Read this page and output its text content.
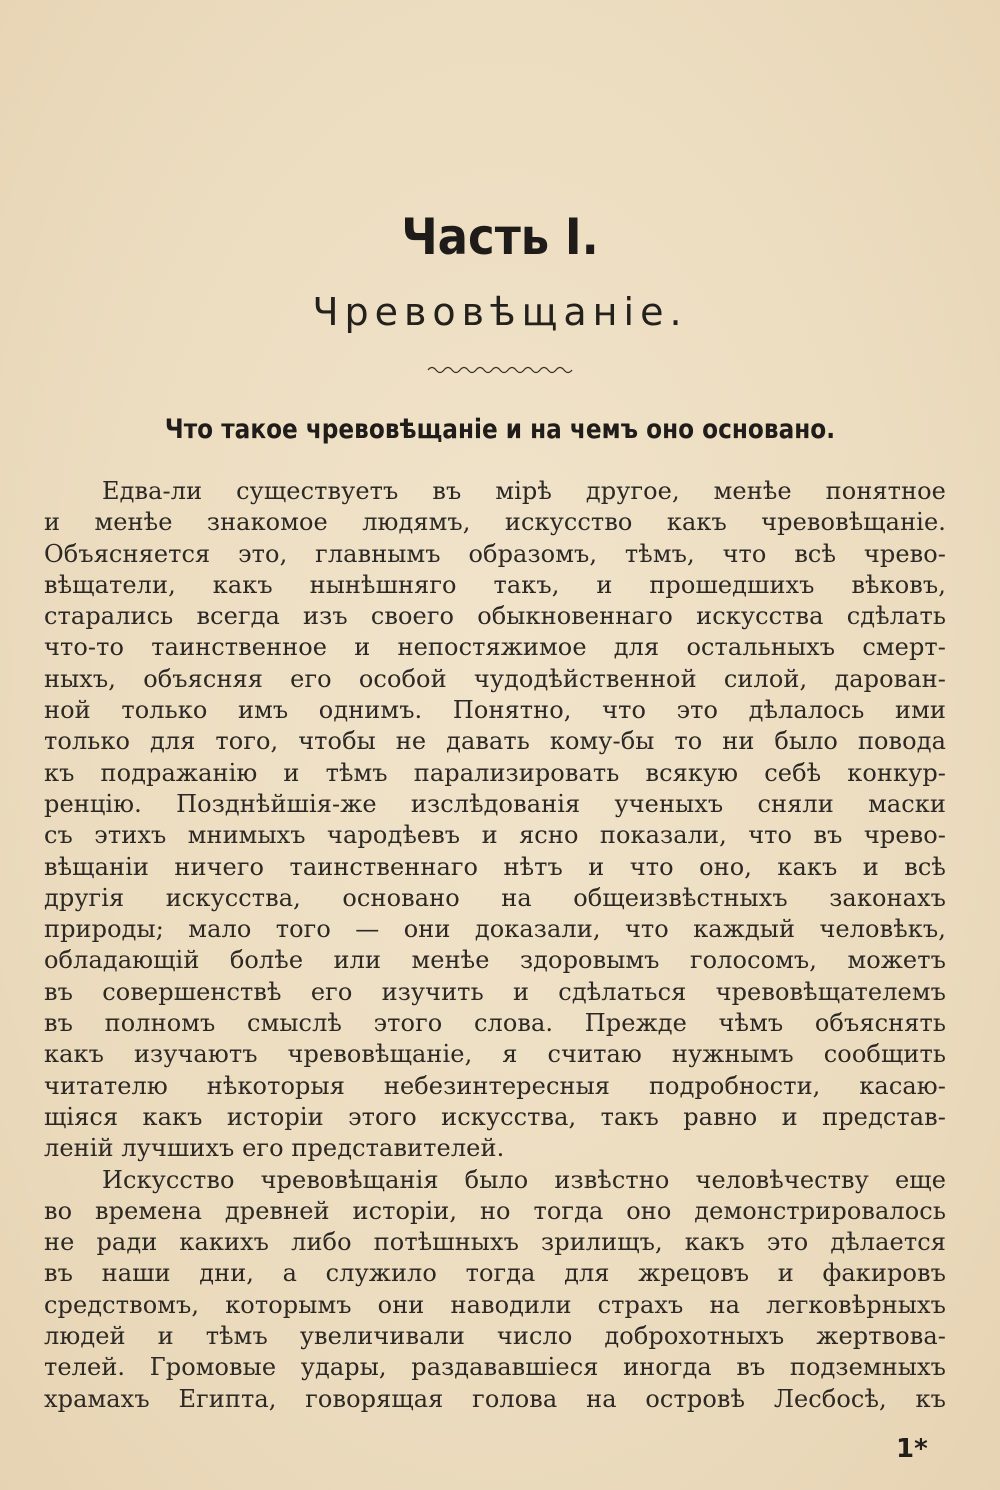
Часть I.
Чревовѣщаніе.
Что такое чревовѣщаніе и на чемъ оно основано.
Едва-ли существуетъ въ мірѣ другое, менѣе понятное
и менѣе знакомое людямъ, искусство какъ чревовѣщаніе.
Объясняется это, главнымъ образомъ, тѣмъ, что всѣ чрево-
вѣщатели, какъ нынѣшняго такъ, и прошедшихъ вѣковъ,
старались всегда изъ своего обыкновеннаго искусства сдѣлать
что-то таинственное и непостяжимое для остальныхъ смерт-
ныхъ, объясняя его особой чудодѣйственной силой, дарован-
ной только имъ однимъ. Понятно, что это дѣлалось ими
только для того, чтобы не давать кому-бы то ни было повода
къ подражанію и тѣмъ парализировать всякую себѣ конкур-
ренцію. Позднѣйшія-же изслѣдованія ученыхъ сняли маски
съ этихъ мнимыхъ чародѣевъ и ясно показали, что въ чрево-
вѣщаніи ничего таинственнаго нѣтъ и что оно, какъ и всѣ
другія искусства, основано на общеизвѣстныхъ законахъ
природы; мало того — они доказали, что каждый человѣкъ,
обладающій болѣе или менѣе здоровымъ голосомъ, можетъ
въ совершенствѣ его изучить и сдѣлаться чревовѣщателемъ
въ полномъ смыслѣ этого слова. Прежде чѣмъ объяснять
какъ изучаютъ чревовѣщаніе, я считаю нужнымъ сообщить
читателю нѣкоторыя небезинтересныя подробности, касаю-
щіяся какъ исторіи этого искусства, такъ равно и представ-
леній лучшихъ его представителей.
Искусство чревовѣщанія было извѣстно человѣчеству еще
во времена древней исторіи, но тогда оно демонстрировалось
не ради какихъ либо потѣшныхъ зрилищъ, какъ это дѣлается
въ наши дни, а служило тогда для жрецовъ и факировъ
средствомъ, которымъ они наводили страхъ на легковѣрныхъ
людей и тѣмъ увеличивали число доброхотныхъ жертвова-
телей. Громовые удары, раздававшіеся иногда въ подземныхъ
храмахъ Египта, говорящая голова на островѣ Лесбосѣ, къ
1*
